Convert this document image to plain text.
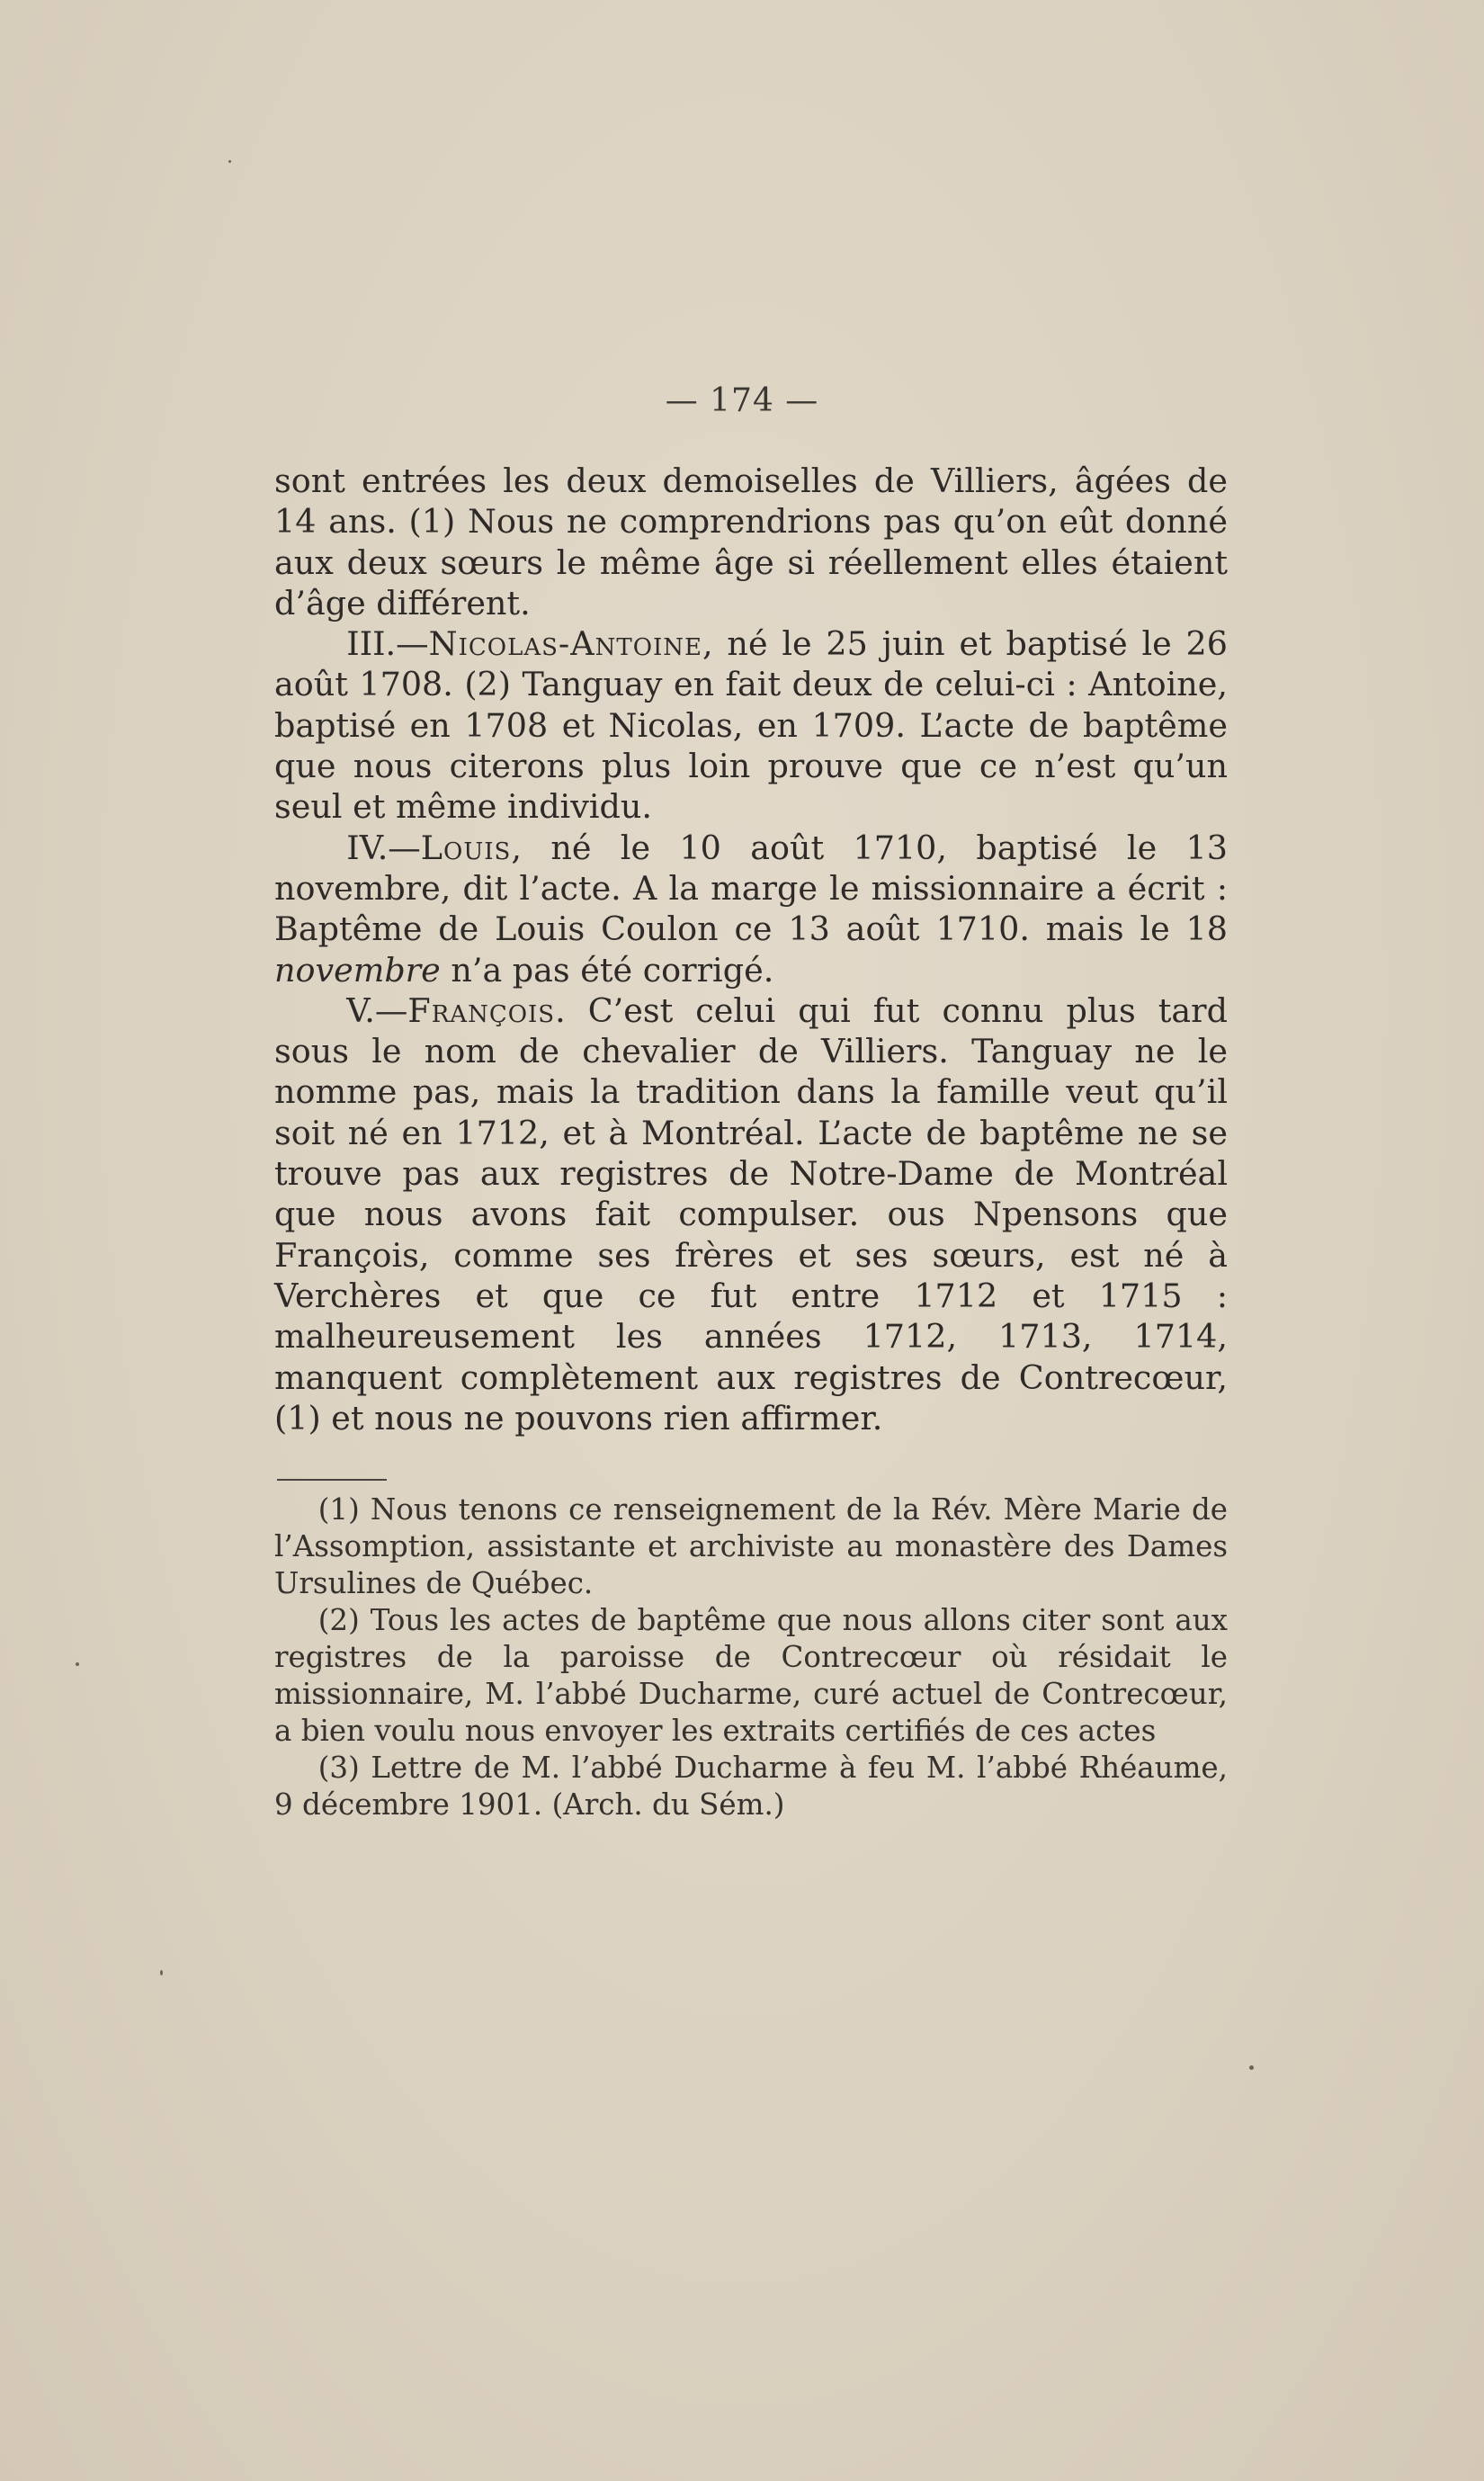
— 174 —

sont entrées les deux demoiselles de Villiers, âgées de 14 ans. (1) Nous ne comprendrions pas qu’on eût donné aux deux sœurs le même âge si réellement elles étaient d’âge différent.

III.—Nicolas-Antoine, né le 25 juin et baptisé le 26 août 1708. (2) Tanguay en fait deux de celui-ci : Antoine, baptisé en 1708 et Nicolas, en 1709. L’acte de baptême que nous citerons plus loin prouve que ce n’est qu’un seul et même individu.

IV.—Louis, né le 10 août 1710, baptisé le 13 novembre, dit l’acte. A la marge le missionnaire a écrit : Baptême de Louis Coulon ce 13 août 1710. mais le 18 novembre n’a pas été corrigé.

V.—François. C’est celui qui fut connu plus tard sous le nom de chevalier de Villiers. Tanguay ne le nomme pas, mais la tradition dans la famille veut qu’il soit né en 1712, et à Montréal. L’acte de baptême ne se trouve pas aux registres de Notre-Dame de Montréal que nous avons fait compulser. ous Npensons que François, comme ses frères et ses sœurs, est né à Verchères et que ce fut entre 1712 et 1715 : malheureusement les années 1712, 1713, 1714, manquent complètement aux registres de Contrecœur, (1) et nous ne pouvons rien affirmer.

(1) Nous tenons ce renseignement de la Rév. Mère Marie de l’Assomption, assistante et archiviste au monastère des Dames Ursulines de Québec.

(2) Tous les actes de baptême que nous allons citer sont aux registres de la paroisse de Contrecœur où résidait le missionnaire, M. l’abbé Ducharme, curé actuel de Contrecœur, a bien voulu nous envoyer les extraits certifiés de ces actes

(3) Lettre de M. l’abbé Ducharme à feu M. l’abbé Rhéaume, 9 décembre 1901. (Arch. du Sém.)
